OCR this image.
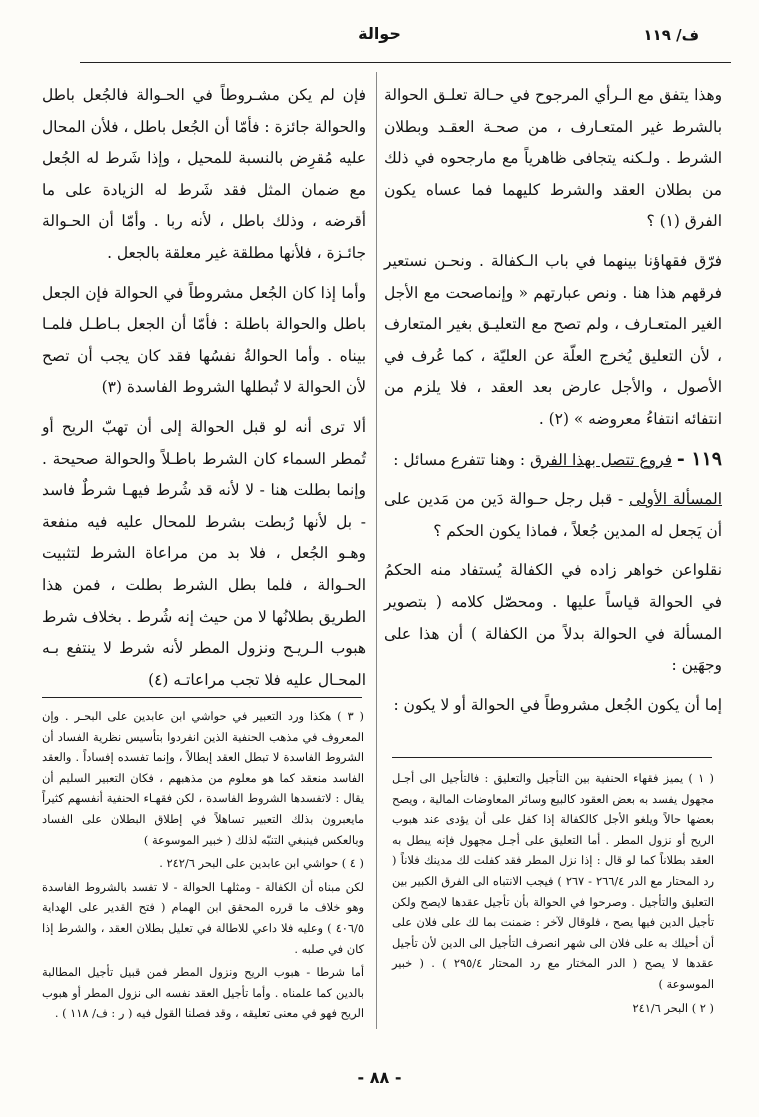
ف/ ١١٩
حوالة

وهذا يتفق مع الـرأي المرجوح في حـالة تعلـق الحوالة بالشرط غير المتعـارف ، من صحـة العقـد وبطلان الشرط . ولـكنه يتجافى ظاهرياً مع مارجحوه في ذلك من بطلان العقد والشرط كليهما فما عساه يكون الفرق (١) ؟

فرّق فقهاؤنا بينهما في باب الـكفالة . ونحـن نستعير فرقهم هذا هنا . ونص عبارتهم « وإنماصحت مع الأجل الغير المتعـارف ، ولم تصح مع التعليـق بغير المتعارف ، لأن التعليق يُخرج العلّة عن العليّة ، كما عُرف في الأصول ، والأجل عارض بعد العقد ، فلا يلزم من انتفائه انتفاءُ معروضه » (٢) .

١١٩ - فروع تتصل بهذا الفرق : وهنا تتفرع مسائل :

المسألة الأولى - قبل رجل حـوالة دَين من مَدين على أن يَجعل له المدين جُعلاً ، فماذا يكون الحكم ؟

نقلواعن خواهر زاده في الكفالة يُستفاد منه الحكمُ في الحوالة قياساً عليها . ومحصّل كلامه ( بتصوير المسألة في الحوالة بدلاً من الكفالة ) أن هذا على وجهَين :

إما أن يكون الجُعل مشروطاً في الحوالة أو لا يكون :

فإن لم يكن مشـروطاً في الحـوالة فالجُعل باطل والحوالة جائزة : فأمّا أن الجُعل باطل ، فلأن المحال عليه مُقرِض بالنسبة للمحيل ، وإذا شَرط له الجُعل مع ضمان المثل فقد شَرط له الزيادة على ما أقرضه ، وذلك باطل ، لأنه ربا . وأمّا أن الحـوالة جائـزة ، فلأنها مطلقة غير معلقة بالجعل .

وأما إذا كان الجُعل مشروطاً في الحوالة فإن الجعل باطل والحوالة باطلة : فأمّا أن الجعل بـاطـل فلمـا بيناه . وأما الحوالةُ نفسُها فقد كان يجب أن تصح لأن الحوالة لا تُبطلها الشروط الفاسدة (٣)

ألا ترى أنه لو قبل الحوالة إلى أن تهبّ الريح أو تُمطر السماء كان الشرط باطـلاً والحوالة صحيحة . وإنما بطلت هنا - لا لأنه قد شُرط فيهـا شرطٌ فاسد - بل لأنها رُبطت بشرط للمحال عليه فيه منفعة وهـو الجُعل ، فلا بد من مراعاة الشرط لتثبيت الحـوالة ، فلما بطل الشرط بطلت ، فمن هذا الطريق بطلانُها لا من حيث إنه شُرط . بخلاف شرط هبوب الـريـح ونزول المطر لأنه شرط لا ينتفع بـه المحـال عليه فلا تجب مراعاتـه (٤)

( ١ ) يميز فقهاء الحنفية بين التأجيل والتعليق : فالتأجيل الى أجـل مجهول يفسد به بعض العقود كالبيع وسائر المعاوضات المالية ، ويصح بعضها حالاً ويلغو الأجل كالكفالة إذا كفل على أن يؤدى عند هبوب الريح أو نزول المطر . أما التعليق على أجـل مجهول فإنه يبطل به العقد بطلاناً كما لو قال : إذا نزل المطر فقد كفلت لك مدينك فلاناً ( رد المحتار مع الدر ٢٦٦/٤ - ٢٦٧ ) فيجب الانتباه الى الفرق الكبير بين التعليق والتأجيل . وصرحوا في الحوالة بأن تأجيل عقدها لايصح ولكن تأجيل الدين فيها يصح ، فلوقال لآخر : ضمنت بما لك على فلان على أن أحيلك به على فلان الى شهر انصرف التأجيل الى الدين لأن تأجيل عقدها لا يصح ( الدر المختار مع رد المحتار ٢٩٥/٤ ) . ( خبير الموسوعة )

( ٢ ) البحر ٢٤١/٦

( ٣ ) هكذا ورد التعبير في حواشي ابن عابدين على البحـر . وإن المعروف في مذهب الحنفية الذين انفردوا بتأسيس نظرية الفساد أن الشروط الفاسدة لا تبطل العقد إبطالاً ، وإنما تفسده إفساداً . والعقد الفاسد منعقد كما هو معلوم من مذهبهم ، فكان التعبير السليم أن يقال : لاتفسدها الشروط الفاسدة ، لكن فقهـاء الحنفية أنفسهم كثيراً مايعبرون بذلك التعبير تساهلاً في إطلاق البطلان على الفساد وبالعكس فينبغي التنبّه لذلك ( خبير الموسوعة )

( ٤ ) حواشي ابن عابدين على البحر ٢٤٢/٦ .

لكن مبناه أن الكفالة - ومثلهـا الحوالة - لا تفسد بالشروط الفاسدة وهو خلاف ما قرره المحقق ابن الهمام ( فتح القدير على الهداية ٤٠٦/٥ ) وعليه فلا داعي للاطالة في تعليل بطلان العقد ، والشرط إذا كان في صلبه .

أما شرطا - هبوب الريح ونزول المطر فمن قبيل تأجيل المطالبة بالدين كما علمناه . وأما تأجيل العقد نفسه الى نزول المطر أو هبوب الريح فهو في معنى تعليقه ، وقد فصلنا القول فيه ( ر : ف/ ١١٨ ) .

- ٨٨ -
